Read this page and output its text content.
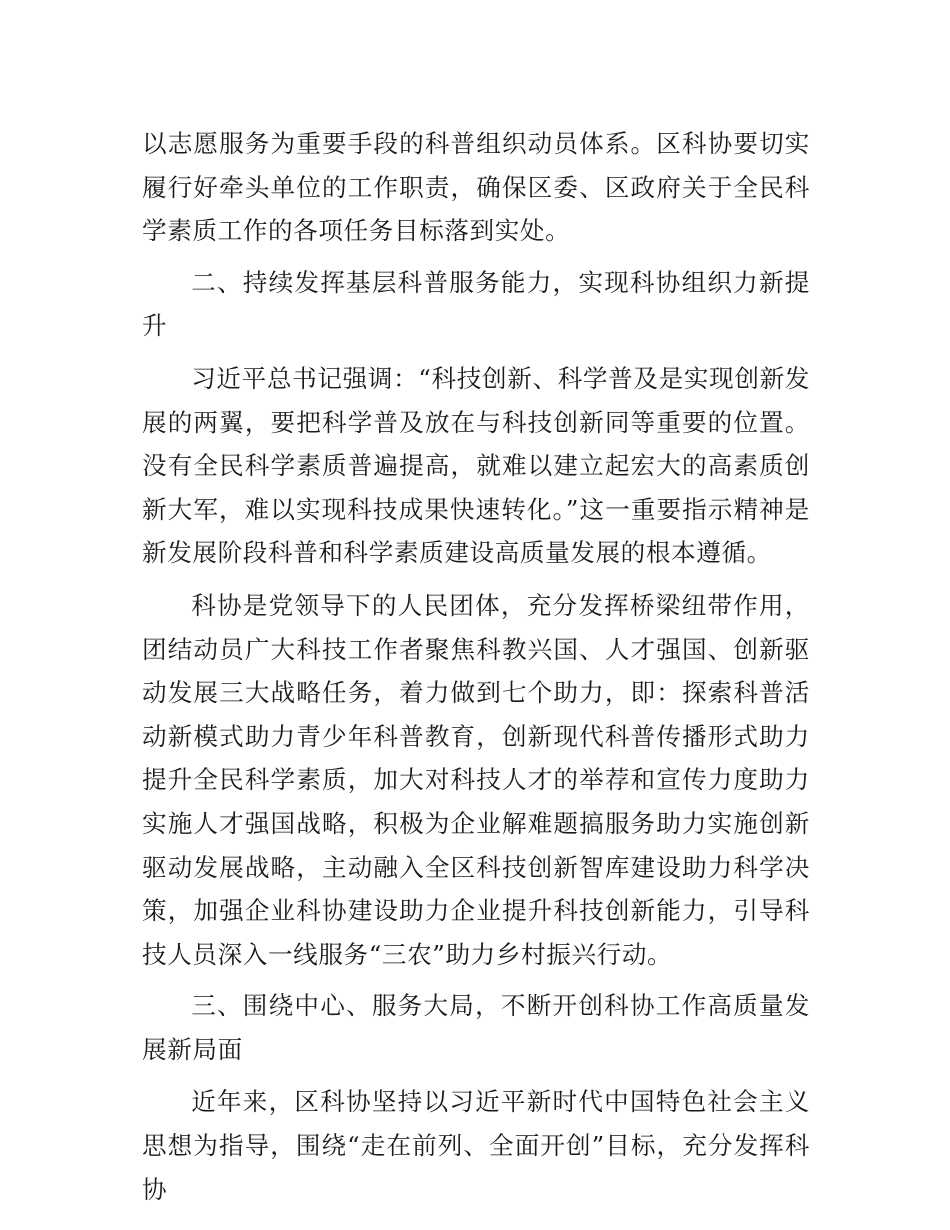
以志愿服务为重要手段的科普组织动员体系。区科协要切实履行好牵头单位的工作职责，确保区委、区政府关于全民科学素质工作的各项任务目标落到实处。

二、持续发挥基层科普服务能力，实现科协组织力新提升

习近平总书记强调：“科技创新、科学普及是实现创新发展的两翼，要把科学普及放在与科技创新同等重要的位置。没有全民科学素质普遍提高，就难以建立起宏大的高素质创新大军，难以实现科技成果快速转化。”这一重要指示精神是新发展阶段科普和科学素质建设高质量发展的根本遵循。

科协是党领导下的人民团体，充分发挥桥梁纽带作用，团结动员广大科技工作者聚焦科教兴国、人才强国、创新驱动发展三大战略任务，着力做到七个助力，即：探索科普活动新模式助力青少年科普教育，创新现代科普传播形式助力提升全民科学素质，加大对科技人才的举荐和宣传力度助力实施人才强国战略，积极为企业解难题搞服务助力实施创新驱动发展战略，主动融入全区科技创新智库建设助力科学决策，加强企业科协建设助力企业提升科技创新能力，引导科技人员深入一线服务“三农”助力乡村振兴行动。

三、围绕中心、服务大局，不断开创科协工作高质量发展新局面

近年来，区科协坚持以习近平新时代中国特色社会主义思想为指导，围绕“走在前列、全面开创”目标，充分发挥科协
